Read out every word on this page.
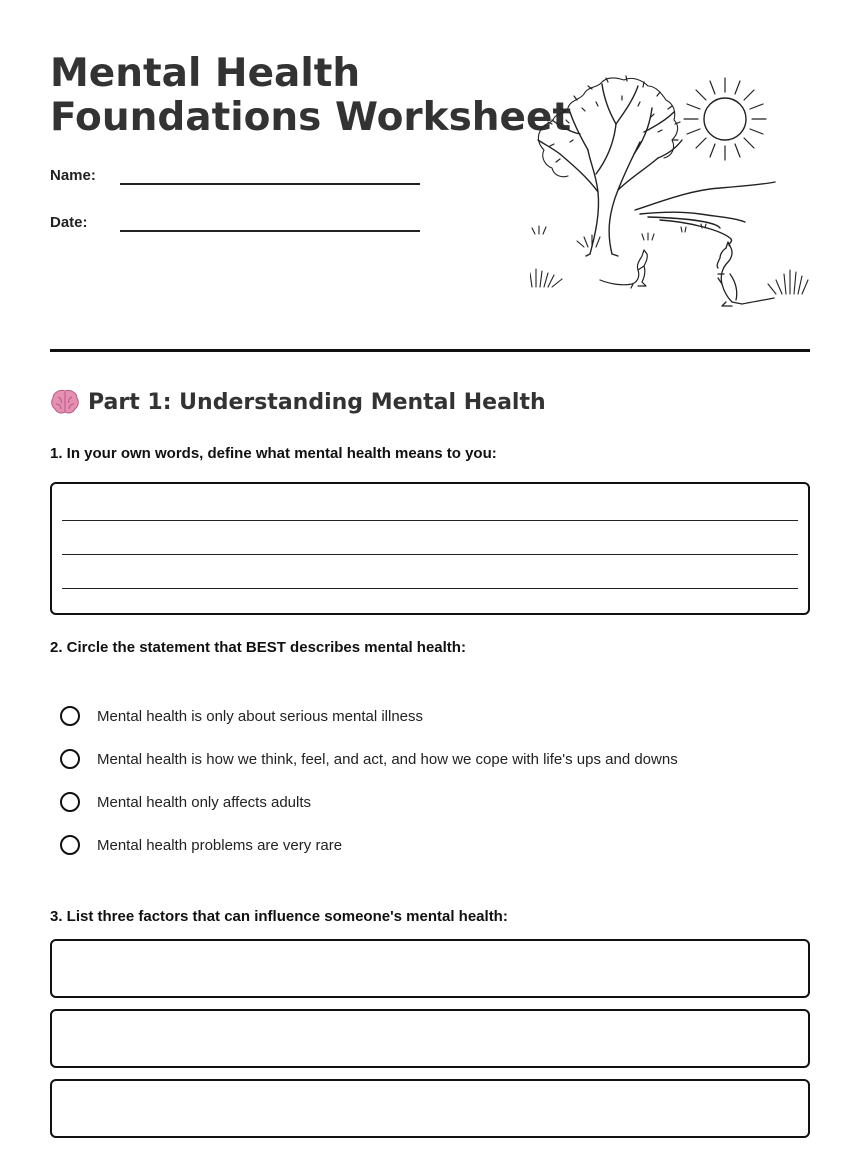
Mental Health
Foundations Worksheet
Name:
Date:
Part 1: Understanding Mental Health
1. In your own words, define what mental health means to you:
2. Circle the statement that BEST describes mental health:
Mental health is only about serious mental illness
Mental health is how we think, feel, and act, and how we cope with life's ups and downs
Mental health only affects adults
Mental health problems are very rare
3. List three factors that can influence someone's mental health:
